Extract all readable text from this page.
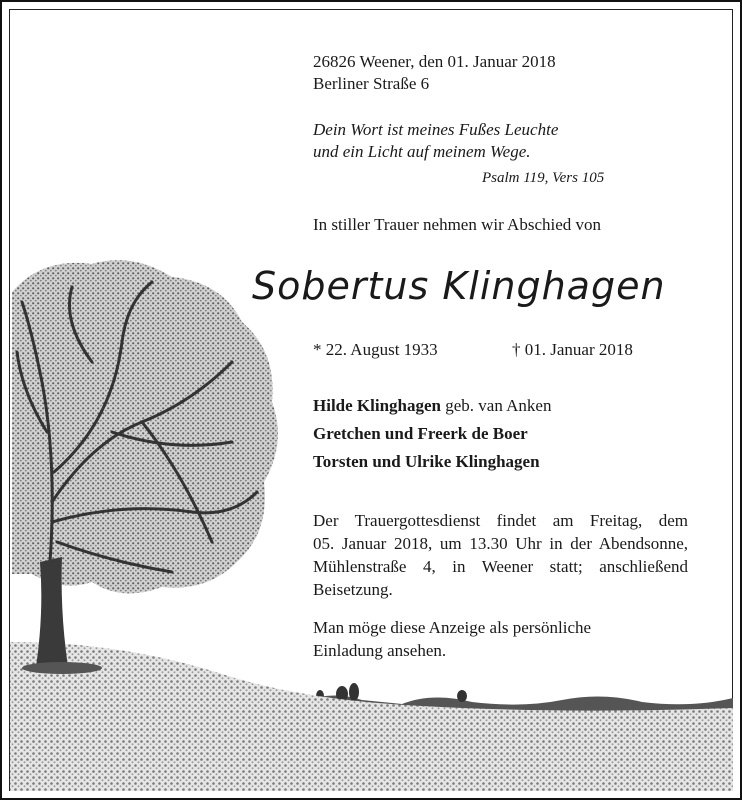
26826 Weener, den 01. Januar 2018
Berliner Straße 6
Dein Wort ist meines Fußes Leuchte
und ein Licht auf meinem Wege.
Psalm 119, Vers 105
In stiller Trauer nehmen wir Abschied von
Sobertus Klinghagen
* 22. August 1933	† 01. Januar 2018
Hilde Klinghagen geb. van Anken
Gretchen und Freerk de Boer
Torsten und Ulrike Klinghagen
Der Trauergottesdienst findet am Freitag, dem
05. Januar 2018, um 13.30 Uhr in der Abendsonne,
Mühlenstraße 4, in Weener statt; anschließend
Beisetzung.
Man möge diese Anzeige als persönliche
Einladung ansehen.
